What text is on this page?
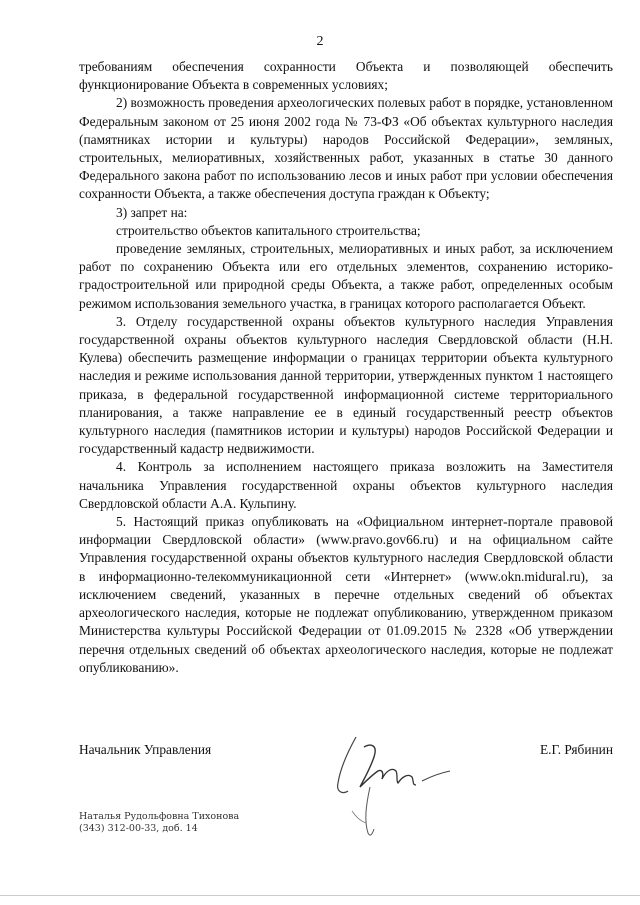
2

требованиям обеспечения сохранности Объекта и позволяющей обеспечить функционирование Объекта в современных условиях;

2) возможность проведения археологических полевых работ в порядке, установленном Федеральным законом от 25 июня 2002 года № 73-ФЗ «Об объектах культурного наследия (памятниках истории и культуры) народов Российской Федерации», земляных, строительных, мелиоративных, хозяйственных работ, указанных в статье 30 данного Федерального закона работ по использованию лесов и иных работ при условии обеспечения сохранности Объекта, а также обеспечения доступа граждан к Объекту;

3) запрет на:

строительство объектов капитального строительства;

проведение земляных, строительных, мелиоративных и иных работ, за исключением работ по сохранению Объекта или его отдельных элементов, сохранению историко-градостроительной или природной среды Объекта, а также работ, определенных особым режимом использования земельного участка, в границах которого располагается Объект.

3. Отделу государственной охраны объектов культурного наследия Управления государственной охраны объектов культурного наследия Свердловской области (Н.Н. Кулева) обеспечить размещение информации о границах территории объекта культурного наследия и режиме использования данной территории, утвержденных пунктом 1 настоящего приказа, в федеральной государственной информационной системе территориального планирования, а также направление ее в единый государственный реестр объектов культурного наследия (памятников истории и культуры) народов Российской Федерации и государственный кадастр недвижимости.

4. Контроль за исполнением настоящего приказа возложить на Заместителя начальника Управления государственной охраны объектов культурного наследия Свердловской области А.А. Кульпину.

5. Настоящий приказ опубликовать на «Официальном интернет-портале правовой информации Свердловской области» (www.pravo.gov66.ru) и на официальном сайте Управления государственной охраны объектов культурного наследия Свердловской области в информационно-телекоммуникационной сети «Интернет» (www.okn.midural.ru), за исключением сведений, указанных в перечне отдельных сведений об объектах археологического наследия, которые не подлежат опубликованию, утвержденном приказом Министерства культуры Российской Федерации от 01.09.2015 № 2328 «Об утверждении перечня отдельных сведений об объектах археологического наследия, которые не подлежат опубликованию».

Начальник Управления	Е.Г. Рябинин
Наталья Рудольфовна Тихонова
(343) 312-00-33, доб. 14
